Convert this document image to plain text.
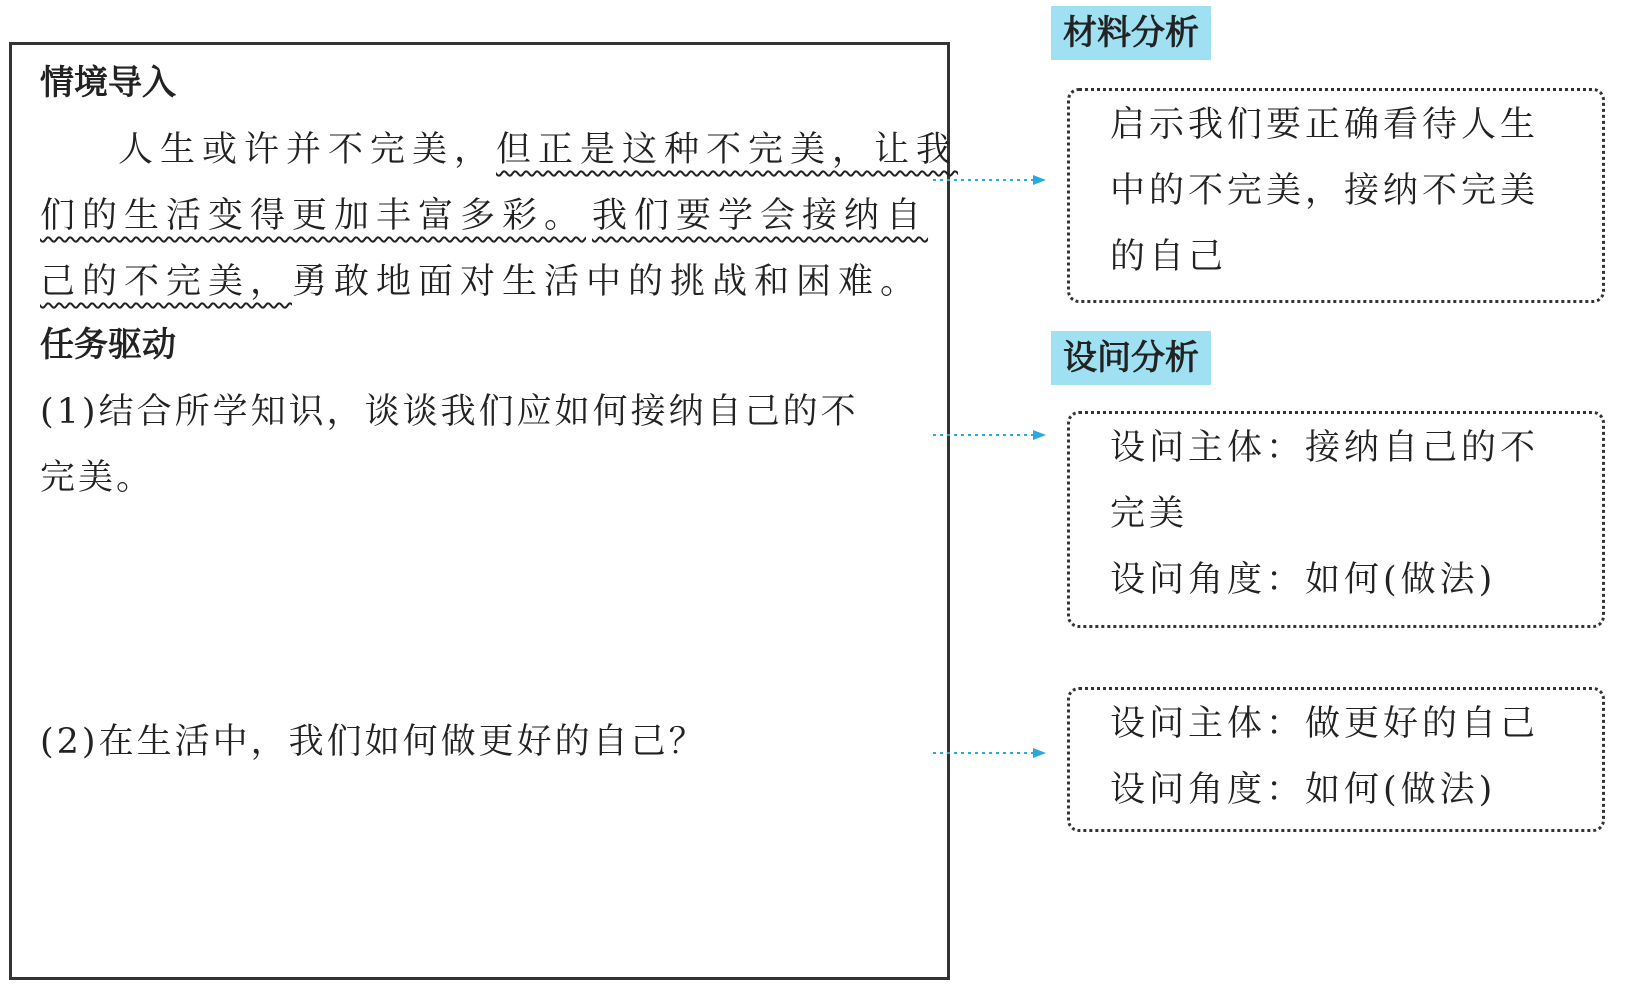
情境导入
人生或许并不完美，但正是这种不完美，让我
们的生活变得更加丰富多彩。 我们要学会接纳自
己的不完美，勇敢地面对生活中的挑战和困难。
任务驱动
(1)结合所学知识，谈谈我们应如何接纳自己的不
完美。
(2)在生活中，我们如何做更好的自己？
材料分析
启示我们要正确看待人生
中的不完美，接纳不完美
的自己
设问分析
设问主体：接纳自己的不
完美
设问角度：如何(做法)
设问主体：做更好的自己
设问角度：如何(做法)
